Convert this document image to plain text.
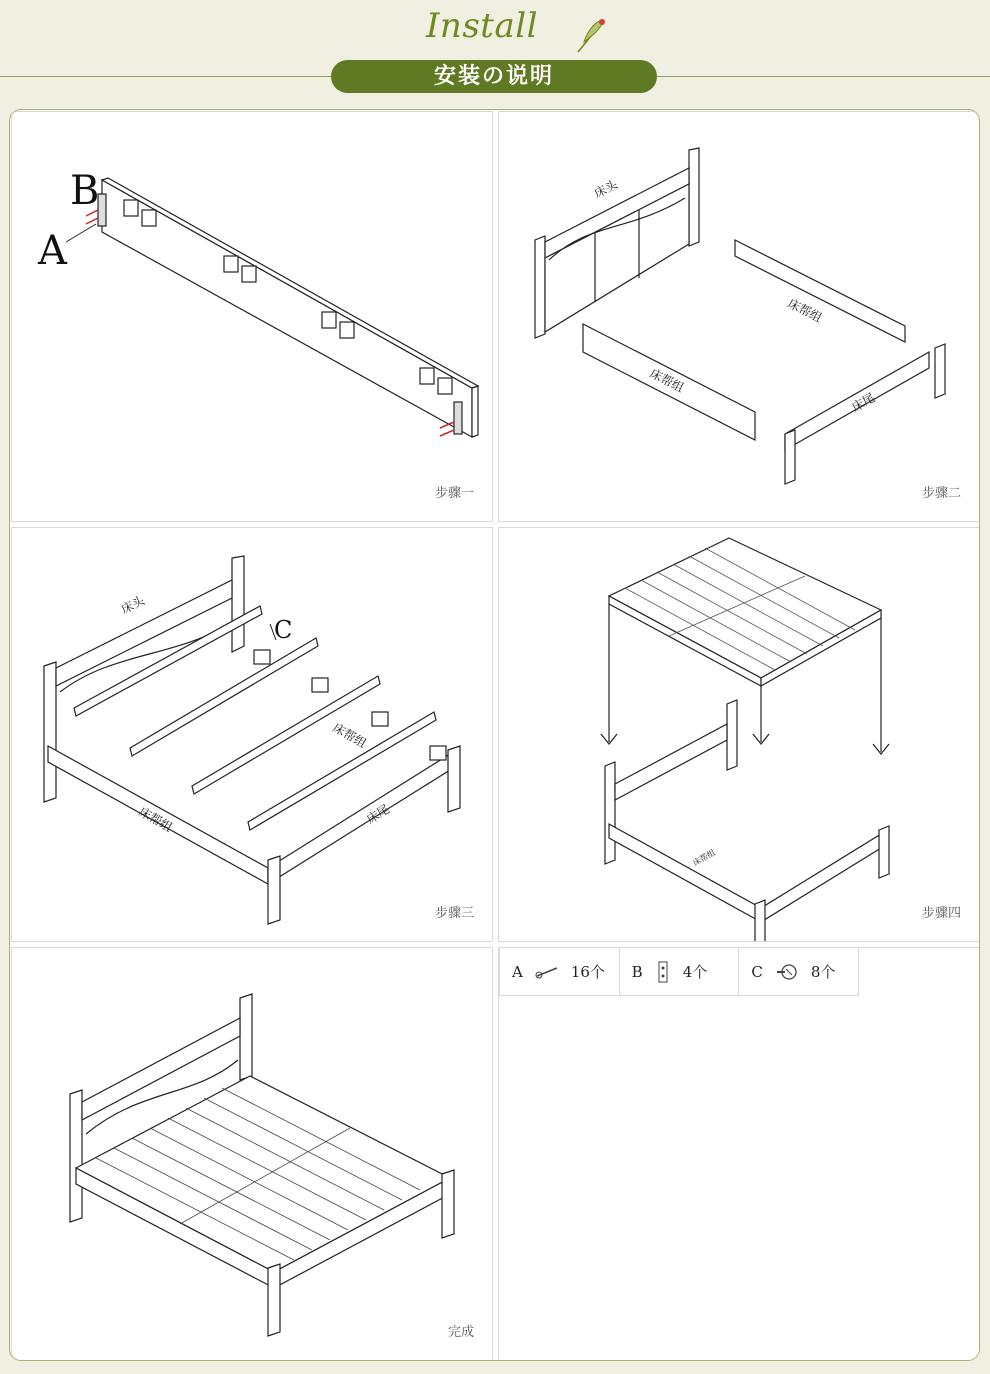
Install
安装の说明
B
A
步骤一
床头
床帮组
床帮组
床尾
步骤二
C
床头
床帮组
床帮组	床尾
步骤三
床帮组
步骤四
完成
A	16个 B	4个	C	8个
